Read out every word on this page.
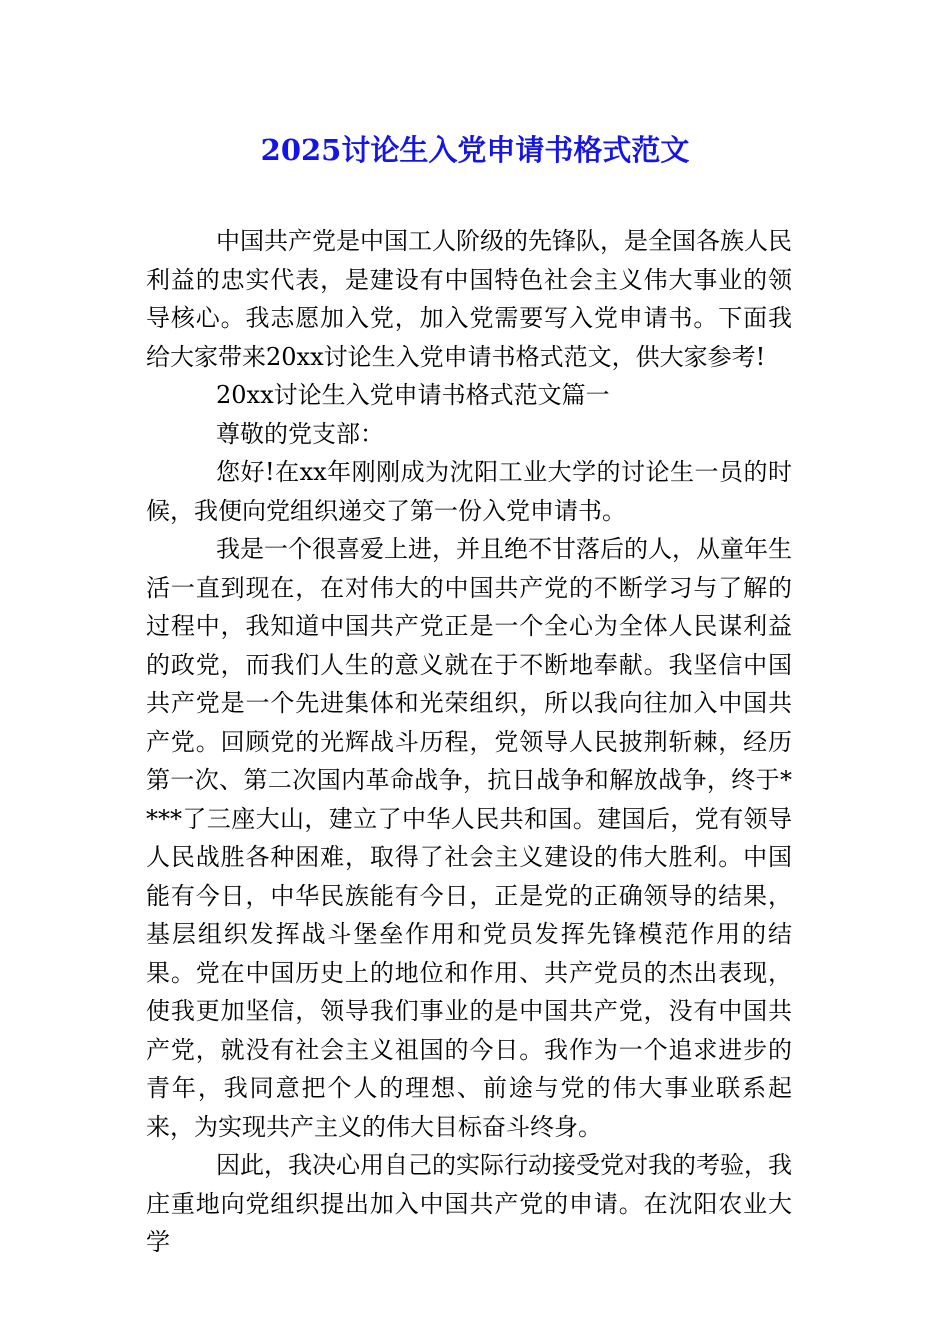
2025讨论生入党申请书格式范文

中国共产党是中国工人阶级的先锋队，是全国各族人民利益的忠实代表，是建设有中国特色社会主义伟大事业的领导核心。我志愿加入党，加入党需要写入党申请书。下面我给大家带来20xx讨论生入党申请书格式范文，供大家参考!

20xx讨论生入党申请书格式范文篇一

尊敬的党支部：

您好!在xx年刚刚成为沈阳工业大学的讨论生一员的时候，我便向党组织递交了第一份入党申请书。

我是一个很喜爱上进，并且绝不甘落后的人，从童年生活一直到现在，在对伟大的中国共产党的不断学习与了解的过程中，我知道中国共产党正是一个全心为全体人民谋利益的政党，而我们人生的意义就在于不断地奉献。我坚信中国共产党是一个先进集体和光荣组织，所以我向往加入中国共产党。回顾党的光辉战斗历程，党领导人民披荆斩棘，经历第一次、第二次国内革命战争，抗日战争和解放战争，终于****了三座大山，建立了中华人民共和国。建国后，党有领导人民战胜各种困难，取得了社会主义建设的伟大胜利。中国能有今日，中华民族能有今日，正是党的正确领导的结果，基层组织发挥战斗堡垒作用和党员发挥先锋模范作用的结果。党在中国历史上的地位和作用、共产党员的杰出表现，使我更加坚信，领导我们事业的是中国共产党，没有中国共产党，就没有社会主义祖国的今日。我作为一个追求进步的青年，我同意把个人的理想、前途与党的伟大事业联系起来，为实现共产主义的伟大目标奋斗终身。

因此，我决心用自己的实际行动接受党对我的考验，我庄重地向党组织提出加入中国共产党的申请。在沈阳农业大学
